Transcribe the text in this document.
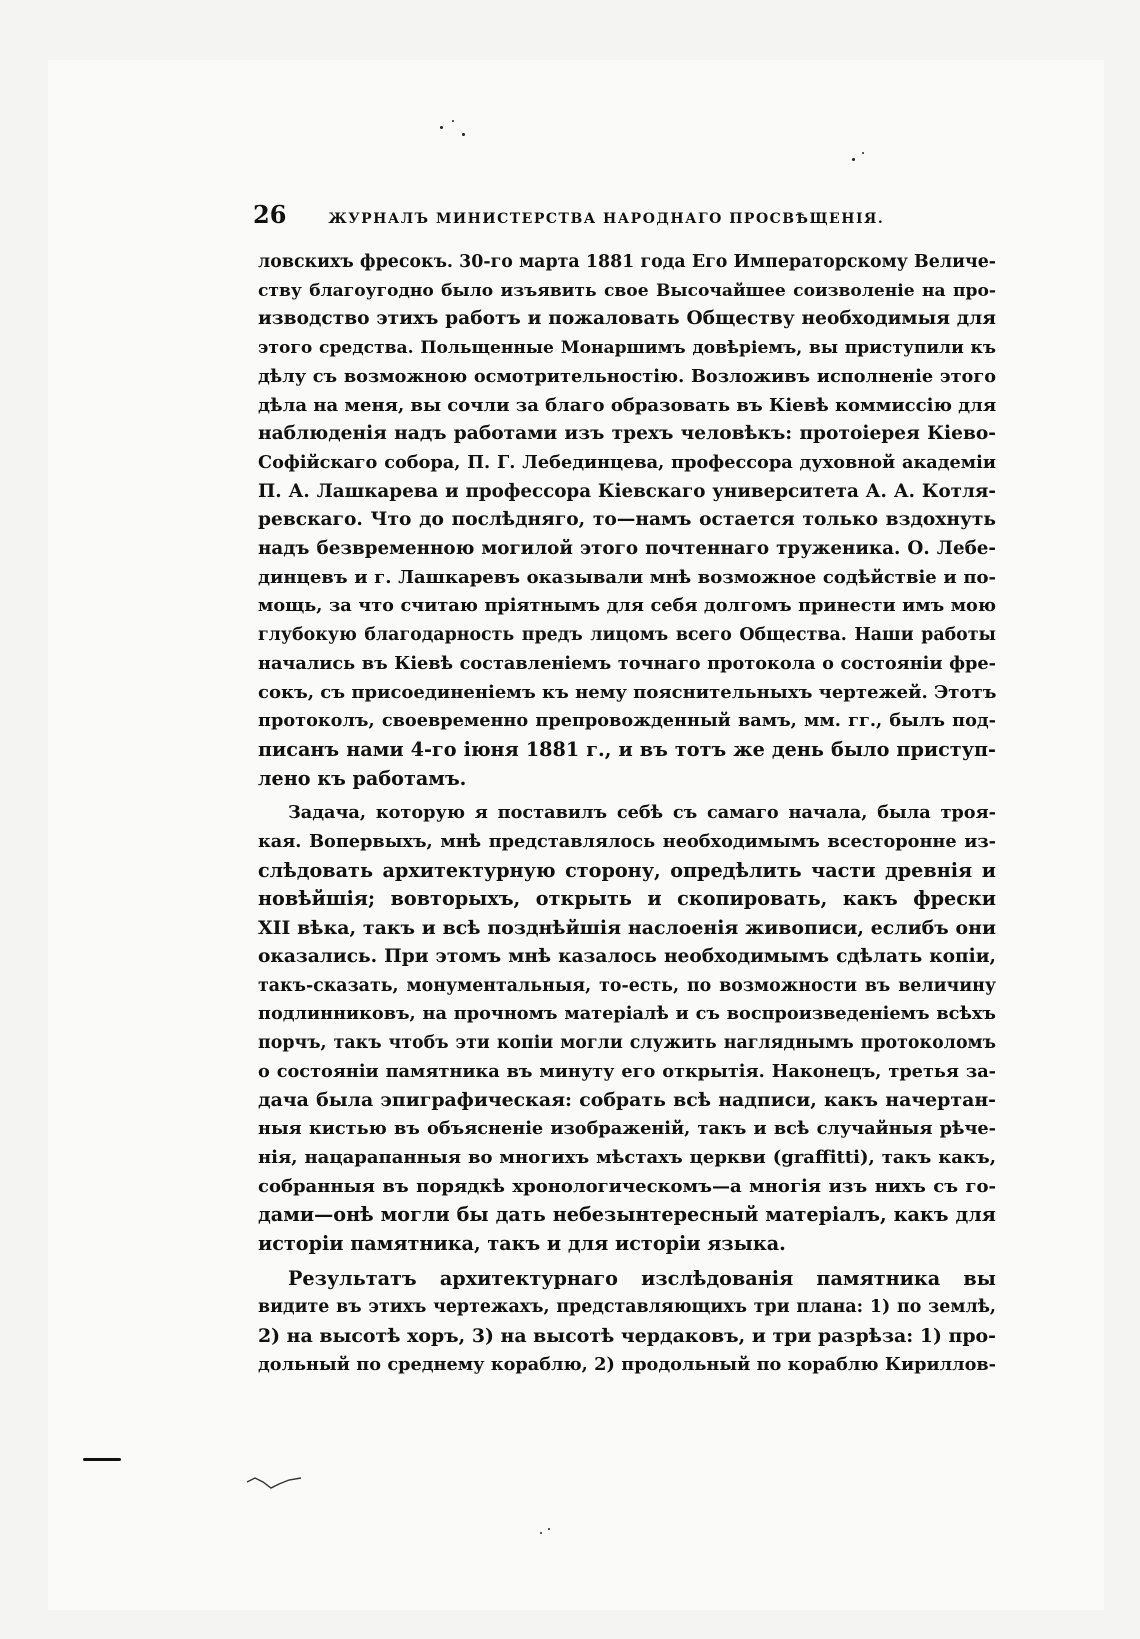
26	ЖУРНАЛЪ МИНИСТЕРСТВА НАРОДНАГО ПРОСВѢЩЕНІЯ.
ловскихъ фресокъ. 30-го марта 1881 года Его Императорскому Величе-
ству благоугодно было изъявить свое Высочайшее соизволеніе на про-
изводство этихъ работъ и пожаловать Обществу необходимыя для
этого средства. Польщенные Монаршимъ довѣріемъ, вы приступили къ
дѣлу съ возможною осмотрительностію. Возложивъ исполненіе этого
дѣла на меня, вы сочли за благо образовать въ Кіевѣ коммиссію для
наблюденія надъ работами изъ трехъ человѣкъ: протоіерея Кіево-
Софійскаго собора, П. Г. Лебединцева, профессора духовной академіи
П. А. Лашкарева и профессора Кіевскаго университета А. А. Котля-
ревскаго. Что до послѣдняго, то—намъ остается только вздохнуть
надъ безвременною могилой этого почтеннаго труженика. О. Лебе-
динцевъ и г. Лашкаревъ оказывали мнѣ возможное содѣйствіе и по-
мощь, за что считаю пріятнымъ для себя долгомъ принести имъ мою
глубокую благодарность предъ лицомъ всего Общества. Наши работы
начались въ Кіевѣ составленіемъ точнаго протокола о состояніи фре-
сокъ, съ присоединеніемъ къ нему пояснительныхъ чертежей. Этотъ
протоколъ, своевременно препровожденный вамъ, мм. гг., былъ под-
писанъ нами 4-го іюня 1881 г., и въ тотъ же день было приступ-
лено къ работамъ.
Задача, которую я поставилъ себѣ съ самаго начала, была троя-
кая. Вопервыхъ, мнѣ представлялось необходимымъ всесторонне из-
слѣдовать архитектурную сторону, опредѣлить части древнія и
новѣйшія; вовторыхъ, открыть и скопировать, какъ фрески
XII вѣка, такъ и всѣ позднѣйшія наслоенія живописи, еслибъ они
оказались. При этомъ мнѣ казалось необходимымъ сдѣлать копіи,
такъ-сказать, монументальныя, то-есть, по возможности въ величину
подлинниковъ, на прочномъ матеріалѣ и съ воспроизведеніемъ всѣхъ
порчъ, такъ чтобъ эти копіи могли служить нагляднымъ протоколомъ
о состояніи памятника въ минуту его открытія. Наконецъ, третья за-
дача была эпиграфическая: собрать всѣ надписи, какъ начертан-
ныя кистью въ объясненіе изображеній, такъ и всѣ случайныя рѣче-
нія, нацарапанныя во многихъ мѣстахъ церкви (graffitti), такъ какъ,
собранныя въ порядкѣ хронологическомъ—а многія изъ нихъ съ го-
дами—онѣ могли бы дать небезынтересный матеріалъ, какъ для
исторіи памятника, такъ и для исторіи языка.
Результатъ архитектурнаго изслѣдованія памятника вы
видите въ этихъ чертежахъ, представляющихъ три плана: 1) по землѣ,
2) на высотѣ хоръ, 3) на высотѣ чердаковъ, и три разрѣза: 1) про-
дольный по среднему кораблю, 2) продольный по кораблю Кириллов-
